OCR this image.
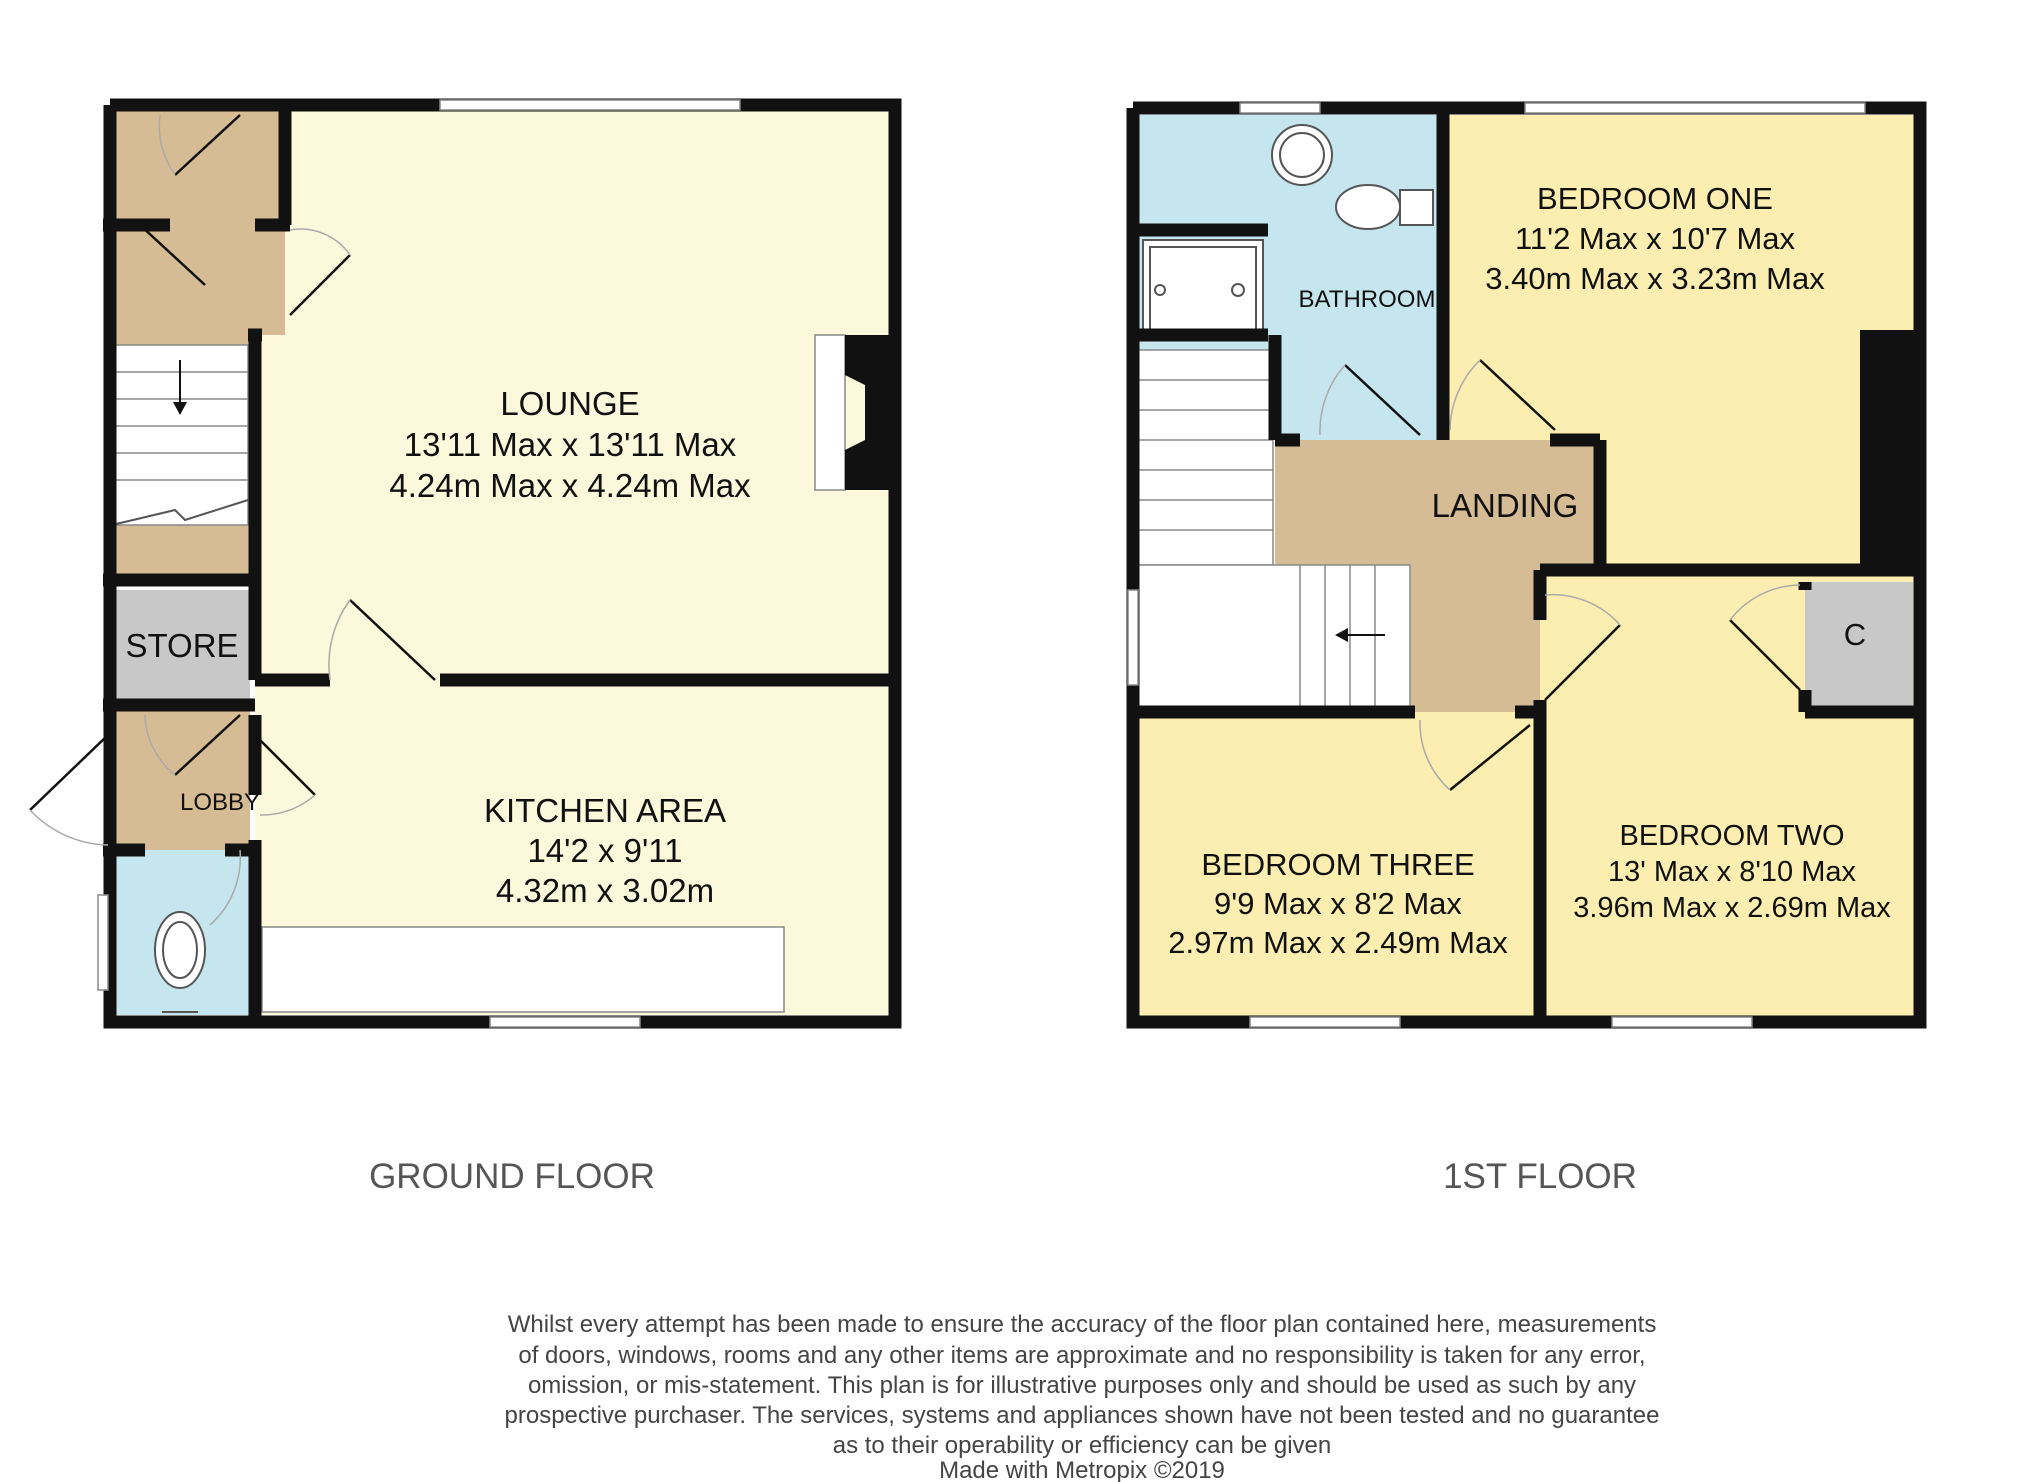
LOUNGE
13'11 Max x 13'11 Max
4.24m Max x 4.24m Max
KITCHEN AREA
14'2 x 9'11
4.32m x 3.02m
STORE
LOBBY
GROUND FLOOR
BEDROOM ONE
11'2 Max x 10'7 Max
3.40m Max x 3.23m Max
BATHROOM
LANDING
BEDROOM TWO
13' Max x 8'10 Max
3.96m Max x 2.69m Max
BEDROOM THREE
9'9 Max x 8'2 Max
2.97m Max x 2.49m Max
C
1ST FLOOR
Whilst every attempt has been made to ensure the accuracy of the floor plan contained here, measurements
of doors, windows, rooms and any other items are approximate and no responsibility is taken for any error,
omission, or mis-statement. This plan is for illustrative purposes only and should be used as such by any
prospective purchaser. The services, systems and appliances shown have not been tested and no guarantee
as to their operability or efficiency can be given
Made with Metropix ©2019
